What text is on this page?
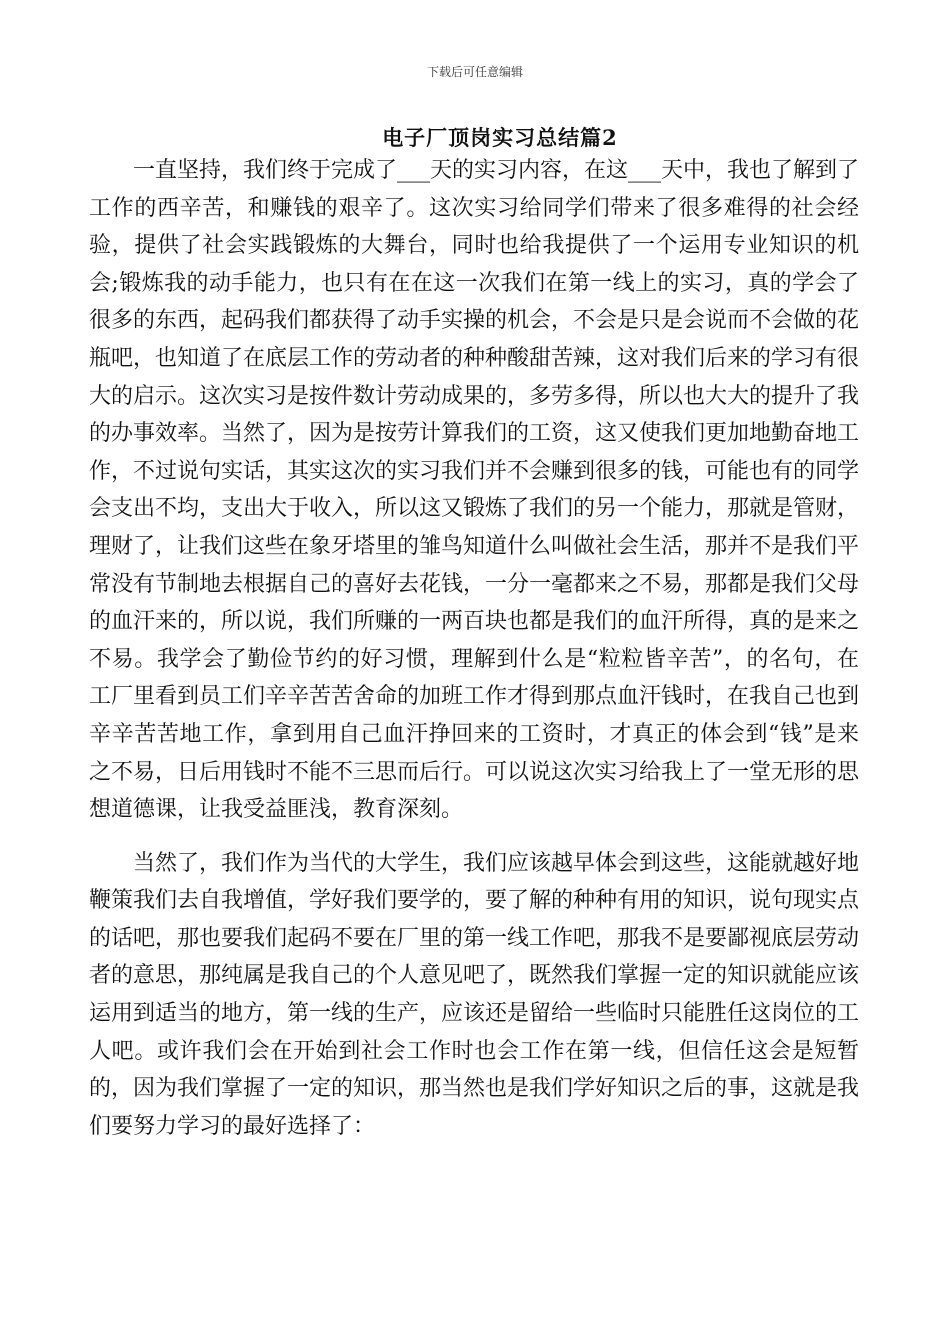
下载后可任意编辑
电子厂顶岗实习总结篇2

一直坚持，我们终于完成了___天的实习内容，在这___天中，我也了解到了工作的西辛苦，和赚钱的艰辛了。这次实习给同学们带来了很多难得的社会经验，提供了社会实践锻炼的大舞台，同时也给我提供了一个运用专业知识的机会;锻炼我的动手能力，也只有在在这一次我们在第一线上的实习，真的学会了很多的东西，起码我们都获得了动手实操的机会，不会是只是会说而不会做的花瓶吧，也知道了在底层工作的劳动者的种种酸甜苦辣，这对我们后来的学习有很大的启示。这次实习是按件数计劳动成果的，多劳多得，所以也大大的提升了我的办事效率。当然了，因为是按劳计算我们的工资，这又使我们更加地勤奋地工作，不过说句实话，其实这次的实习我们并不会赚到很多的钱，可能也有的同学会支出不均，支出大于收入，所以这又锻炼了我们的另一个能力，那就是管财，理财了，让我们这些在象牙塔里的雏鸟知道什么叫做社会生活，那并不是我们平常没有节制地去根据自己的喜好去花钱，一分一毫都来之不易，那都是我们父母的血汗来的，所以说，我们所赚的一两百块也都是我们的血汗所得，真的是来之不易。我学会了勤俭节约的好习惯，理解到什么是“粒粒皆辛苦”，的名句，在工厂里看到员工们辛辛苦苦舍命的加班工作才得到那点血汗钱时，在我自己也到辛辛苦苦地工作，拿到用自己血汗挣回来的工资时，才真正的体会到“钱”是来之不易，日后用钱时不能不三思而后行。可以说这次实习给我上了一堂无形的思想道德课，让我受益匪浅，教育深刻。

当然了，我们作为当代的大学生，我们应该越早体会到这些，这能就越好地鞭策我们去自我增值，学好我们要学的，要了解的种种有用的知识，说句现实点的话吧，那也要我们起码不要在厂里的第一线工作吧，那我不是要鄙视底层劳动者的意思，那纯属是我自己的个人意见吧了，既然我们掌握一定的知识就能应该运用到适当的地方，第一线的生产，应该还是留给一些临时只能胜任这岗位的工人吧。或许我们会在开始到社会工作时也会工作在第一线，但信任这会是短暂的，因为我们掌握了一定的知识，那当然也是我们学好知识之后的事，这就是我们要努力学习的最好选择了：
